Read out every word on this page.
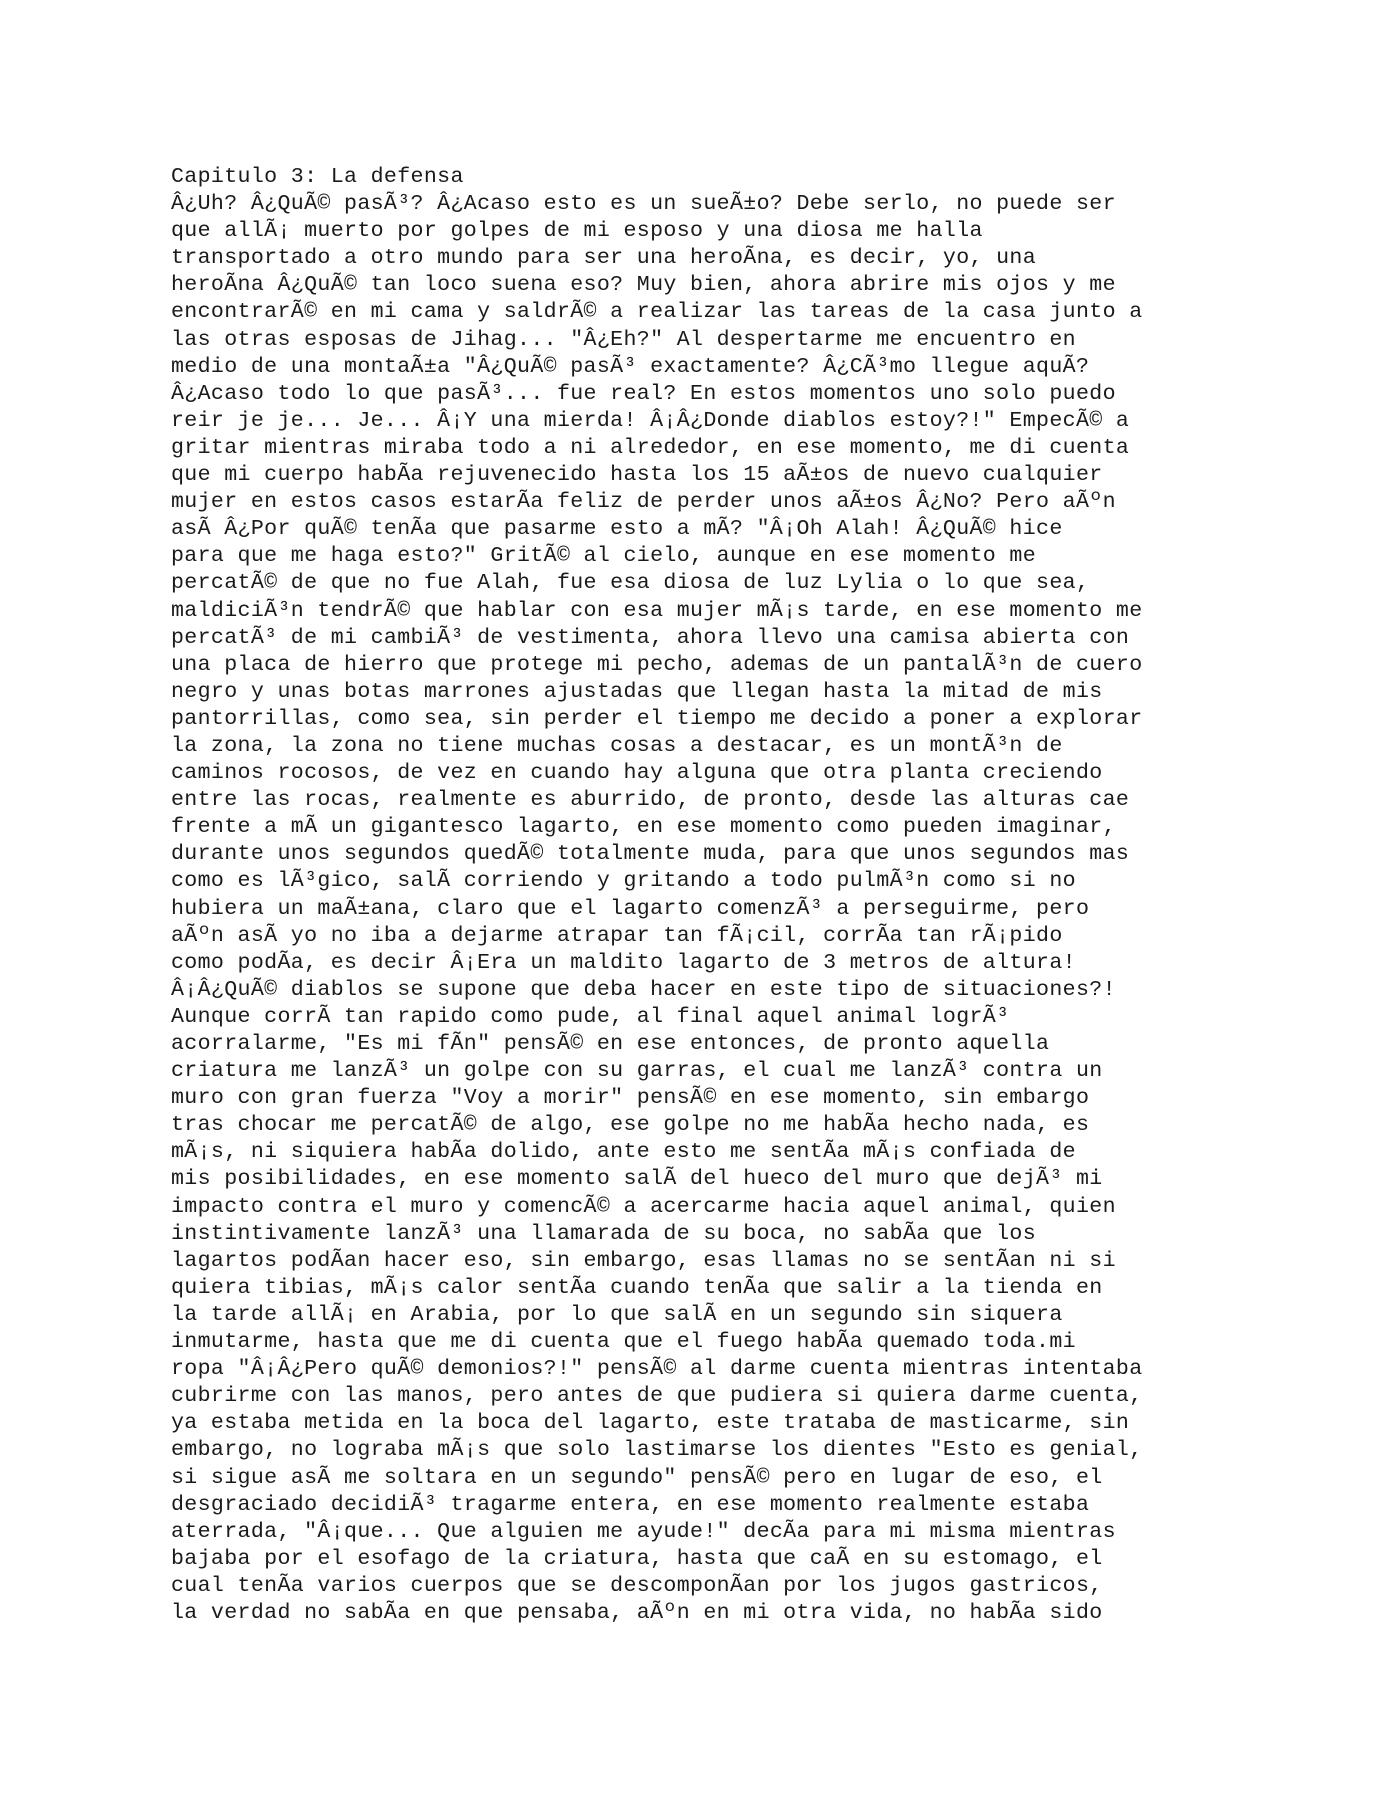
Capitulo 3: La defensa
Â¿Uh? Â¿QuÃ© pasÃ³? Â¿Acaso esto es un sueÃ±o? Debe serlo, no puede ser
que allÃ¡ muerto por golpes de mi esposo y una diosa me halla
transportado a otro mundo para ser una heroÃna, es decir, yo, una
heroÃna Â¿QuÃ© tan loco suena eso? Muy bien, ahora abrire mis ojos y me
encontrarÃ© en mi cama y saldrÃ© a realizar las tareas de la casa junto a
las otras esposas de Jihag... "Â¿Eh?" Al despertarme me encuentro en
medio de una montaÃ±a "Â¿QuÃ© pasÃ³ exactamente? Â¿CÃ³mo llegue aquÃ?
Â¿Acaso todo lo que pasÃ³... fue real? En estos momentos uno solo puedo
reir je je... Je... Â¡Y una mierda! Â¡Â¿Donde diablos estoy?!" EmpecÃ© a
gritar mientras miraba todo a ni alrededor, en ese momento, me di cuenta
que mi cuerpo habÃa rejuvenecido hasta los 15 aÃ±os de nuevo cualquier
mujer en estos casos estarÃa feliz de perder unos aÃ±os Â¿No? Pero aÃºn
asÃ Â¿Por quÃ© tenÃa que pasarme esto a mÃ? "Â¡Oh Alah! Â¿QuÃ© hice
para que me haga esto?" GritÃ© al cielo, aunque en ese momento me
percatÃ© de que no fue Alah, fue esa diosa de luz Lylia o lo que sea,
maldiciÃ³n tendrÃ© que hablar con esa mujer mÃ¡s tarde, en ese momento me
percatÃ³ de mi cambiÃ³ de vestimenta, ahora llevo una camisa abierta con
una placa de hierro que protege mi pecho, ademas de un pantalÃ³n de cuero
negro y unas botas marrones ajustadas que llegan hasta la mitad de mis
pantorrillas, como sea, sin perder el tiempo me decido a poner a explorar
la zona, la zona no tiene muchas cosas a destacar, es un montÃ³n de
caminos rocosos, de vez en cuando hay alguna que otra planta creciendo
entre las rocas, realmente es aburrido, de pronto, desde las alturas cae
frente a mÃ un gigantesco lagarto, en ese momento como pueden imaginar,
durante unos segundos quedÃ© totalmente muda, para que unos segundos mas
como es lÃ³gico, salÃ corriendo y gritando a todo pulmÃ³n como si no
hubiera un maÃ±ana, claro que el lagarto comenzÃ³ a perseguirme, pero
aÃºn asÃ yo no iba a dejarme atrapar tan fÃ¡cil, corrÃa tan rÃ¡pido
como podÃa, es decir Â¡Era un maldito lagarto de 3 metros de altura!
Â¡Â¿QuÃ© diablos se supone que deba hacer en este tipo de situaciones?!
Aunque corrÃ tan rapido como pude, al final aquel animal logrÃ³
acorralarme, "Es mi fÃn" pensÃ© en ese entonces, de pronto aquella
criatura me lanzÃ³ un golpe con su garras, el cual me lanzÃ³ contra un
muro con gran fuerza "Voy a morir" pensÃ© en ese momento, sin embargo
tras chocar me percatÃ© de algo, ese golpe no me habÃa hecho nada, es
mÃ¡s, ni siquiera habÃa dolido, ante esto me sentÃa mÃ¡s confiada de
mis posibilidades, en ese momento salÃ del hueco del muro que dejÃ³ mi
impacto contra el muro y comencÃ© a acercarme hacia aquel animal, quien
instintivamente lanzÃ³ una llamarada de su boca, no sabÃa que los
lagartos podÃan hacer eso, sin embargo, esas llamas no se sentÃan ni si
quiera tibias, mÃ¡s calor sentÃa cuando tenÃa que salir a la tienda en
la tarde allÃ¡ en Arabia, por lo que salÃ en un segundo sin siquera
inmutarme, hasta que me di cuenta que el fuego habÃa quemado toda.mi
ropa "Â¡Â¿Pero quÃ© demonios?!" pensÃ© al darme cuenta mientras intentaba
cubrirme con las manos, pero antes de que pudiera si quiera darme cuenta,
ya estaba metida en la boca del lagarto, este trataba de masticarme, sin
embargo, no lograba mÃ¡s que solo lastimarse los dientes "Esto es genial,
si sigue asÃ me soltara en un segundo" pensÃ© pero en lugar de eso, el
desgraciado decidiÃ³ tragarme entera, en ese momento realmente estaba
aterrada, "Â¡que... Que alguien me ayude!" decÃa para mi misma mientras
bajaba por el esofago de la criatura, hasta que caÃ en su estomago, el
cual tenÃa varios cuerpos que se descomponÃan por los jugos gastricos,
la verdad no sabÃa en que pensaba, aÃºn en mi otra vida, no habÃa sido
